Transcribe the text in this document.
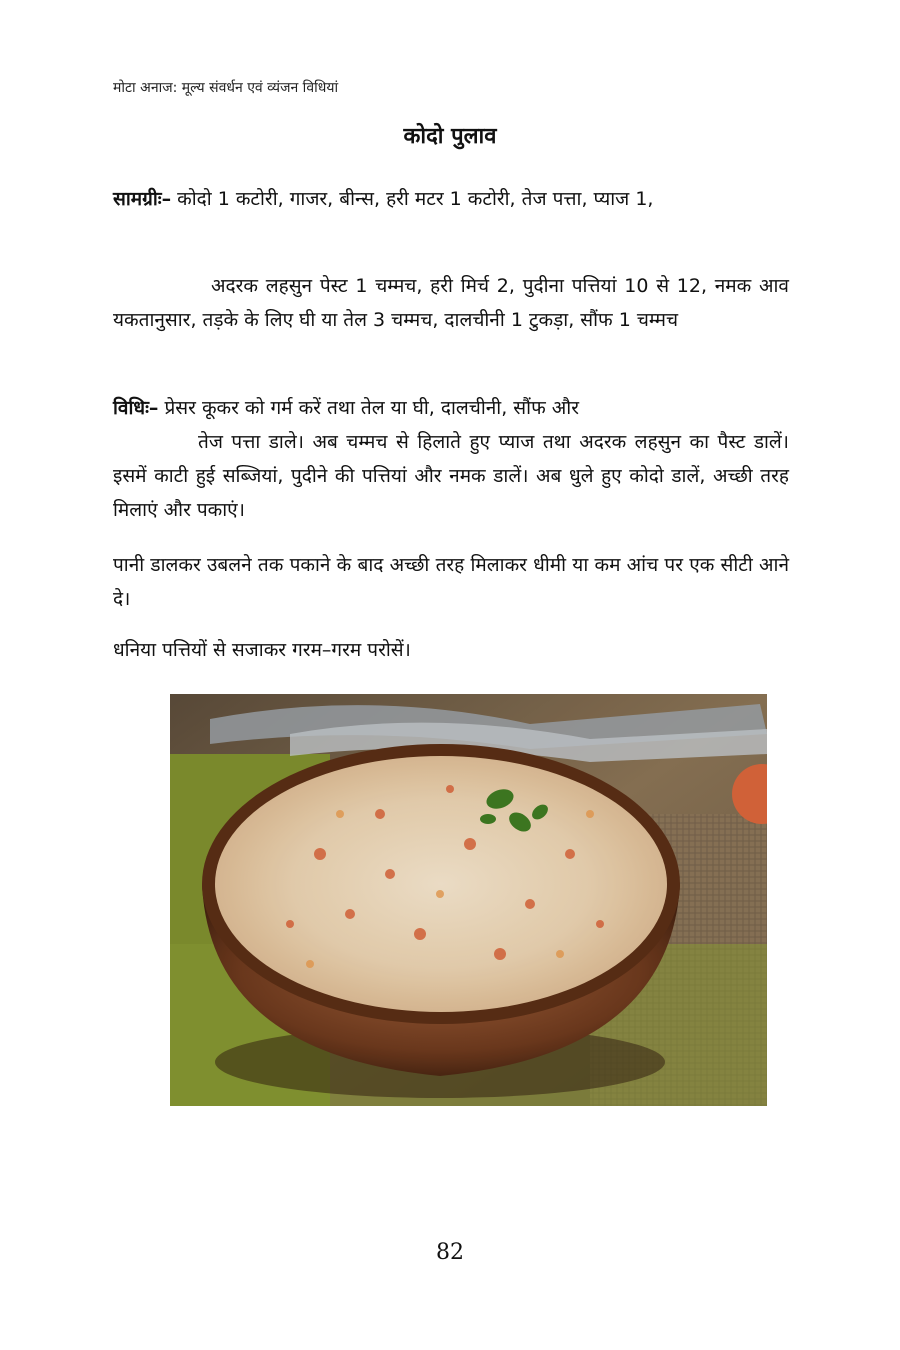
मोटा अनाज: मूल्य संवर्धन एवं व्यंजन विधियां
कोदो पुलाव

सामग्रीः– कोदो 1 कटोरी, गाजर, बीन्स, हरी मटर 1 कटोरी, तेज पत्ता, प्याज 1,

अदरक लहसुन पेस्ट 1 चम्मच, हरी मिर्च 2, पुदीना पत्तियां 10 से 12, नमक आव यकतानुसार, तड़के के लिए घी या तेल 3 चम्मच, दालचीनी 1 टुकड़ा, सौंफ 1 चम्मच

विधिः– प्रेसर कूकर को गर्म करें तथा तेल या घी, दालचीनी, सौंफ और
तेज पत्ता डाले। अब चम्मच से हिलाते हुए प्याज तथा अदरक लहसुन का पैस्ट डालें। इसमें काटी हुई सब्जियां, पुदीने की पत्तियां और नमक डालें। अब धुले हुए कोदो डालें, अच्छी तरह मिलाएं और पकाएं।

पानी डालकर उबलने तक पकाने के बाद अच्छी तरह मिलाकर धीमी या कम आंच पर एक सीटी आने दे।

धनिया पत्तियों से सजाकर गरम–गरम परोसें।

82
